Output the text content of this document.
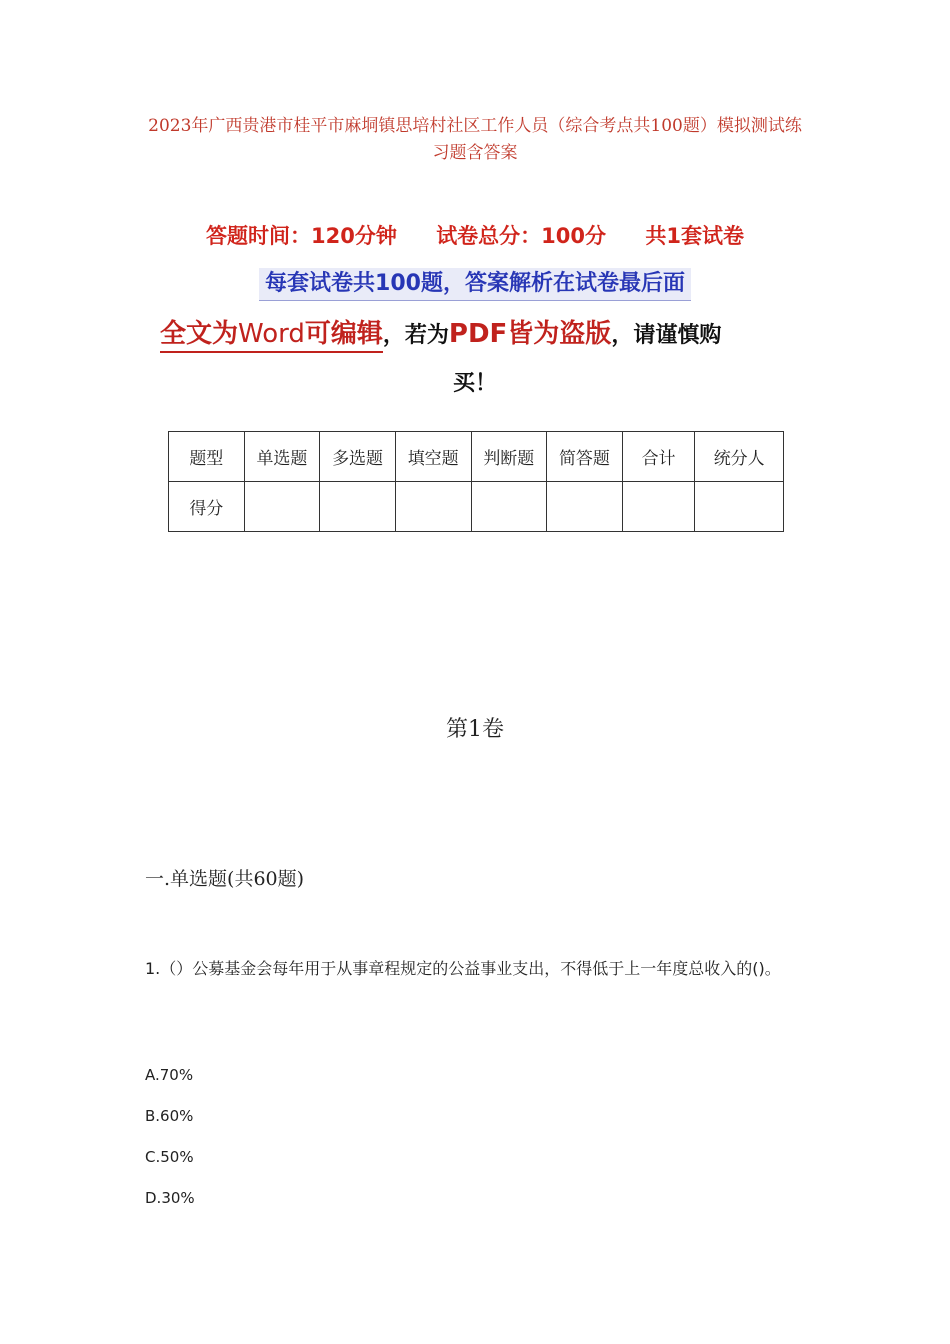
2023年广西贵港市桂平市麻垌镇思培村社区工作人员（综合考点共100题）模拟测试练习题含答案
答题时间：120分钟 试卷总分：100分 共1套试卷
每套试卷共100题，答案解析在试卷最后面
全文为Word可编辑，若为PDF皆为盗版，请谨慎购
买！
题型	单选题	多选题	填空题	判断题	简答题	合计	统分人
得分							
第1卷
一.单选题(共60题)
1.（）公募基金会每年用于从事章程规定的公益事业支出，不得低于上一年度总收入的()。
A.70%
B.60%
C.50%
D.30%
